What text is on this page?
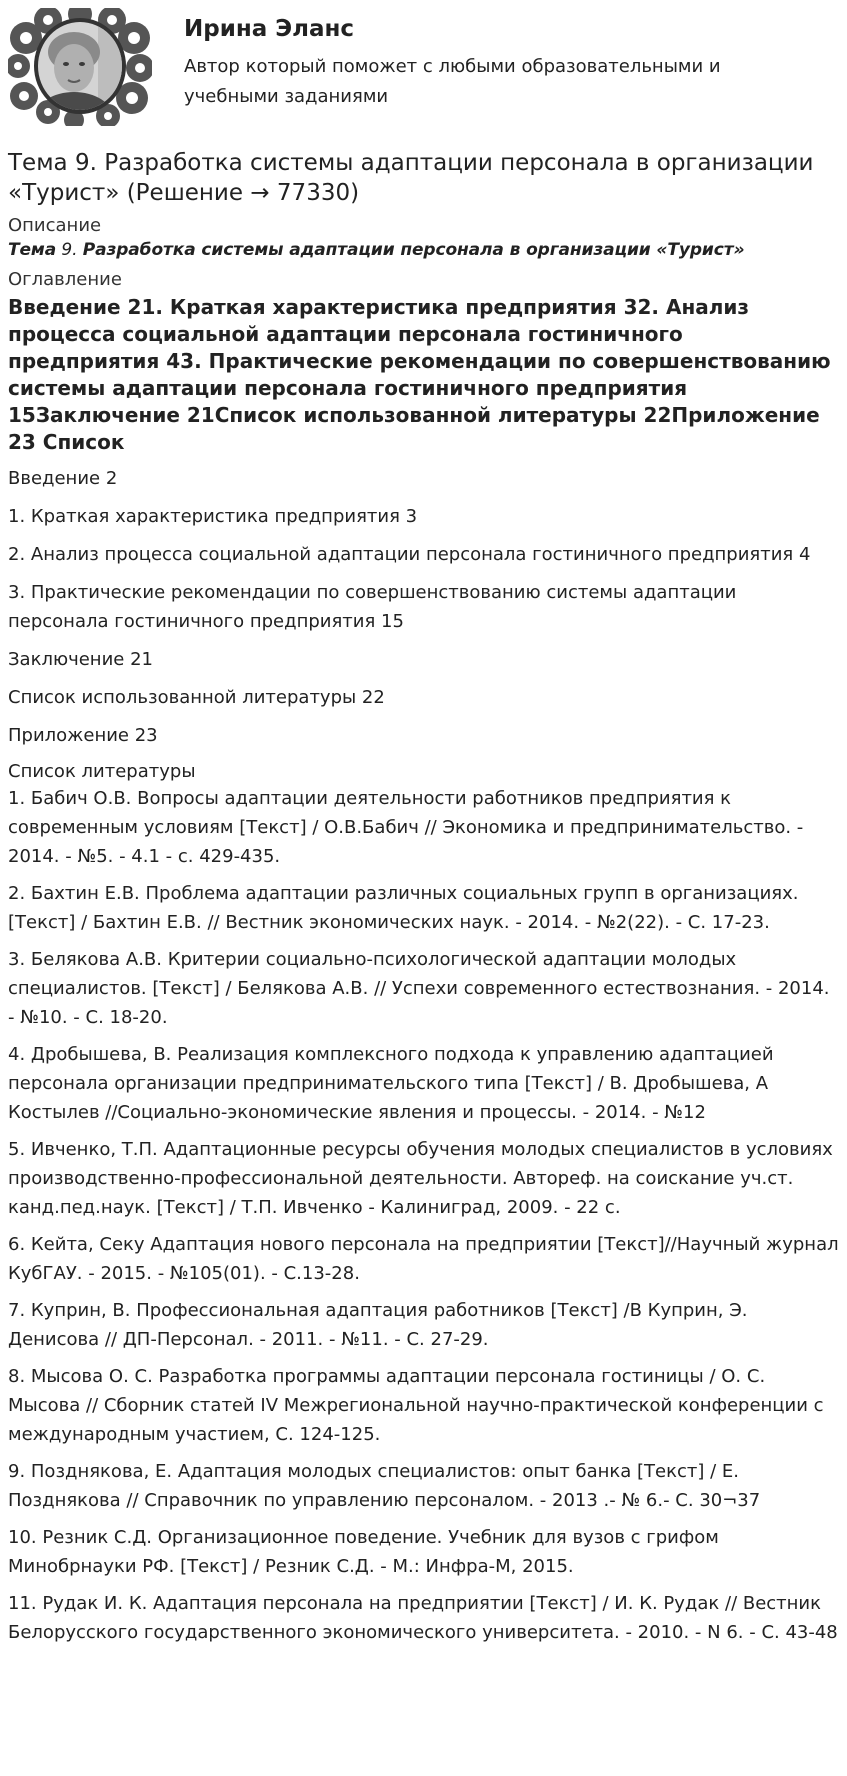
Ирина Эланс
Автор который поможет с любыми образовательными и учебными заданиями
Тема 9. Разработка системы адаптации персонала в организации «Турист» (Решение → 77330)
Описание
Тема 9. Разработка системы адаптации персонала в организации «Турист»
Оглавление
Введение 21. Краткая характеристика предприятия 32. Анализ процесса социальной адаптации персонала гостиничного предприятия 43. Практические рекомендации по совершенствованию системы адаптации персонала гостиничного предприятия 15Заключение 21Список использованной литературы 22Приложение 23 Список
Введение 2
1. Краткая характеристика предприятия 3
2. Анализ процесса социальной адаптации персонала гостиничного предприятия 4
3. Практические рекомендации по совершенствованию системы адаптации персонала гостиничного предприятия 15
Заключение 21
Список использованной литературы 22
Приложение 23
Список литературы
1. Бабич О.В. Вопросы адаптации деятельности работников предприятия к современным условиям [Текст] / О.В.Бабич // Экономика и предпринимательство. - 2014. - №5. - 4.1 - с. 429-435.
2. Бахтин Е.В. Проблема адаптации различных социальных групп в организациях. [Текст] / Бахтин Е.В. // Вестник экономических наук. - 2014. - №2(22). - С. 17-23.
3. Белякова А.В. Критерии социально-психологической адаптации молодых специалистов. [Текст] / Белякова А.В. // Успехи современного естествознания. - 2014. - №10. - С. 18-20.
4. Дробышева, В. Реализация комплексного подхода к управлению адаптацией персонала организации предпринимательского типа [Текст] / В. Дробышева, А Костылев //Социально-экономические явления и процессы. - 2014. - №12
5. Ивченко, Т.П. Адаптационные ресурсы обучения молодых специалистов в условиях производственно-профессиональной деятельности. Автореф. на соискание уч.ст. канд.пед.наук. [Текст] / Т.П. Ивченко - Калиниград, 2009. - 22 с.
6. Кейта, Секу Адаптация нового персонала на предприятии [Текст]//Научный журнал КубГАУ. - 2015. - №105(01). - С.13-28.
7. Куприн, В. Профессиональная адаптация работников [Текст] /В Куприн, Э. Денисова // ДП-Персонал. - 2011. - №11. - С. 27-29.
8. Мысова О. С. Разработка программы адаптации персонала гостиницы / О. С. Мысова // Сборник статей IV Межрегиональной научно-практической конференции с международным участием, С. 124-125.
9. Позднякова, Е. Адаптация молодых специалистов: опыт банка [Текст] / Е. Позднякова // Справочник по управлению персоналом. - 2013 .- № 6.- С. 30¬37
10. Резник С.Д. Организационное поведение. Учебник для вузов с грифом Минобрнауки РФ. [Текст] / Резник С.Д. - М.: Инфра-М, 2015.
11. Рудак И. К. Адаптация персонала на предприятии [Текст] / И. К. Рудак // Вестник Белорусского государственного экономического университета. - 2010. - N 6. - С. 43-48
